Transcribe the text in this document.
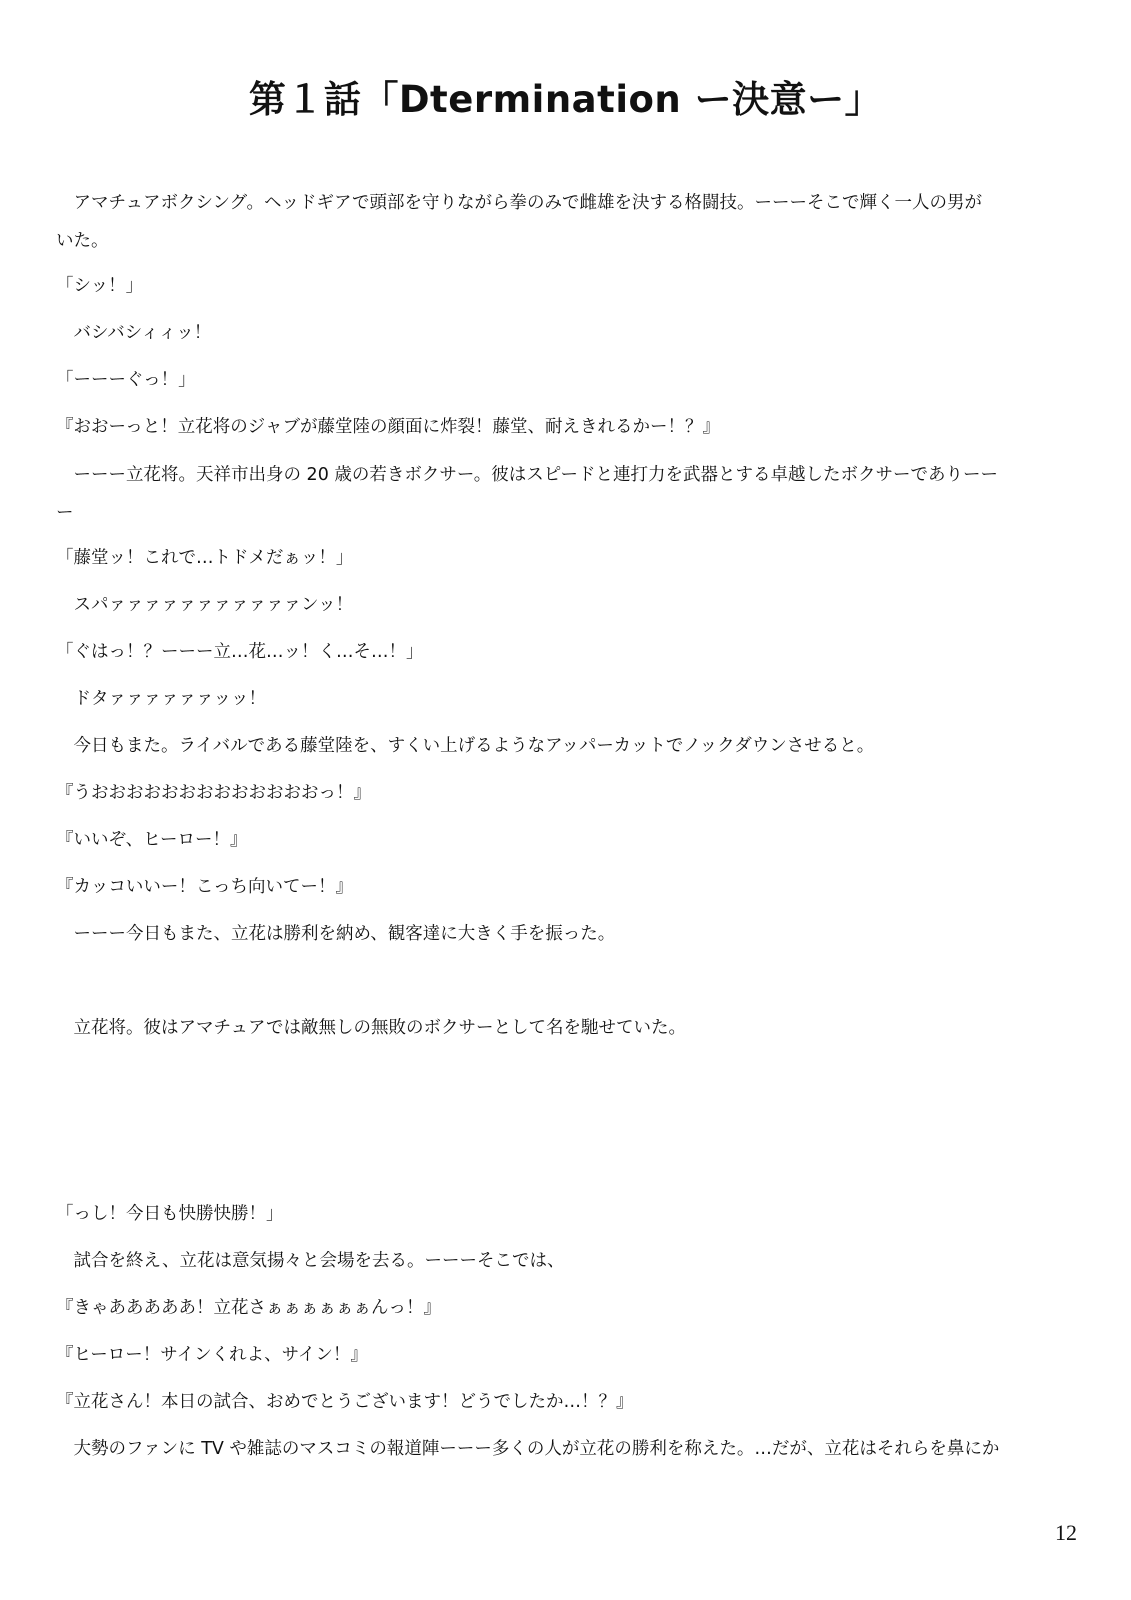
第１話「Dtermination ー決意ー」

　アマチュアボクシング。ヘッドギアで頭部を守りながら拳のみで雌雄を決する格闘技。ーーーそこで輝く一人の男が

いた。

「シッ！」

　バシバシィィッ！

「ーーーぐっ！」

『おおーっと！立花将のジャブが藤堂陸の顔面に炸裂！藤堂、耐えきれるかー！？』

　ーーー立花将。天祥市出身の 20 歳の若きボクサー。彼はスピードと連打力を武器とする卓越したボクサーでありーー

ー

「藤堂ッ！これで…トドメだぁッ！」

　スパァァァァァァァァァァァンッ！

「ぐはっ！？ーーー立…花…ッ！く…そ…！」

　ドタァァァァァァッッ！

　今日もまた。ライバルである藤堂陸を、すくい上げるようなアッパーカットでノックダウンさせると。

『うおおおおおおおおおおおおおっ！』

『いいぞ、ヒーロー！』

『カッコいいー！こっち向いてー！』

　ーーー今日もまた、立花は勝利を納め、観客達に大きく手を振った。

　立花将。彼はアマチュアでは敵無しの無敗のボクサーとして名を馳せていた。

「っし！今日も快勝快勝！」

　試合を終え、立花は意気揚々と会場を去る。ーーーそこでは、

『きゃあああああ！立花さぁぁぁぁぁぁんっ！』

『ヒーロー！サインくれよ、サイン！』

『立花さん！本日の試合、おめでとうございます！どうでしたか…！？』

　大勢のファンに TV や雑誌のマスコミの報道陣ーーー多くの人が立花の勝利を称えた。…だが、立花はそれらを鼻にか

12
